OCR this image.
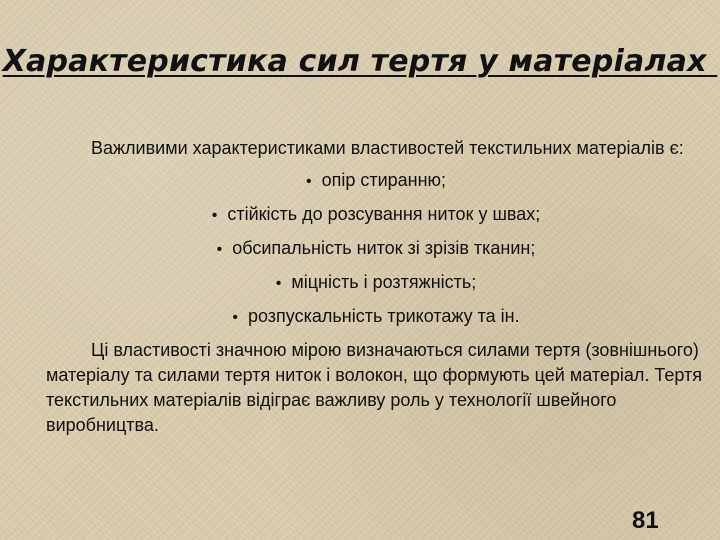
Характеристика сил тертя у матеріалах

Важливими характеристиками властивостей текстильних матеріалів є:

• опір стиранню;
• стійкість до розсування ниток у швах;
• обсипальність ниток зі зрізів тканин;
• міцність і розтяжність;
• розпускальність трикотажу та ін.

Ці властивості значною мірою визначаються силами тертя (зовнішнього) матеріалу та силами тертя ниток і волокон, що формують цей матеріал. Тертя текстильних матеріалів відіграє важливу роль у технології швейного виробництва.

81
